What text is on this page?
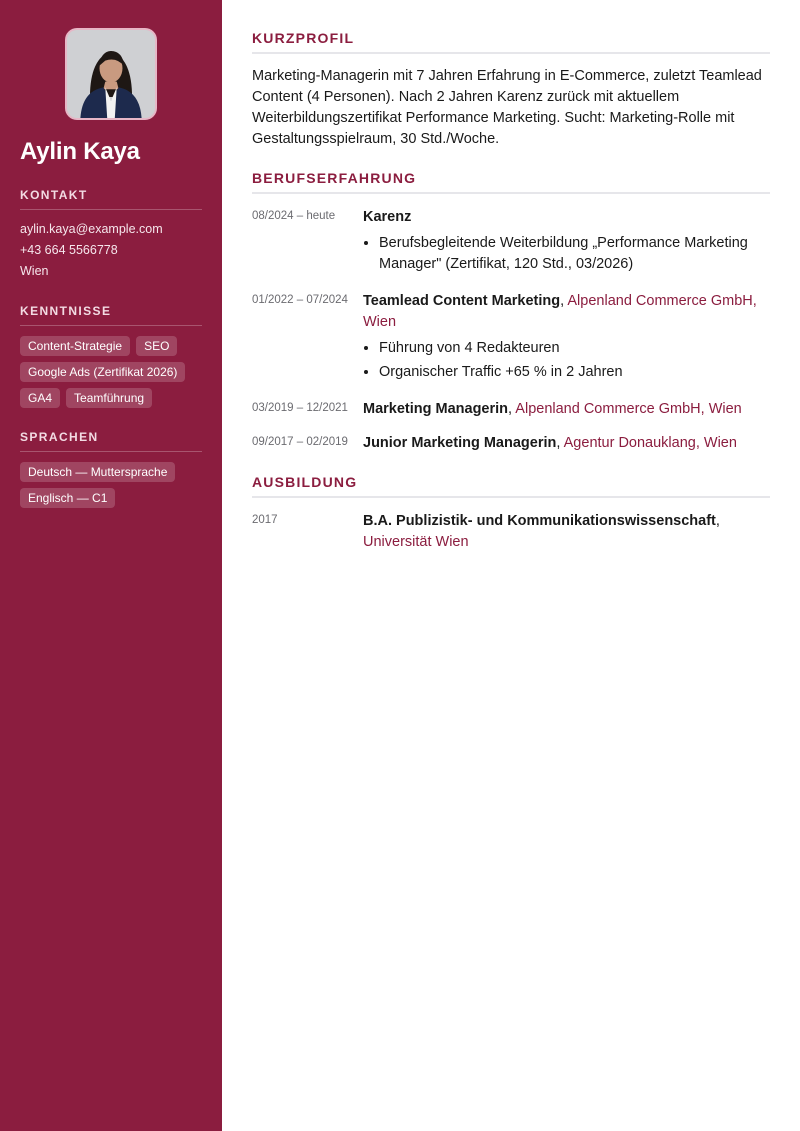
Aylin Kaya
KONTAKT
aylin.kaya@example.com
+43 664 5566778
Wien
KENNTNISSE
Content-Strategie	SEO
Google Ads (Zertifikat 2026)
GA4	Teamführung
SPRACHEN
Deutsch — Muttersprache
Englisch — C1
KURZPROFIL

Marketing-Managerin mit 7 Jahren Erfahrung in E-Commerce, zuletzt Teamlead Content (4 Personen). Nach 2 Jahren Karenz zurück mit aktuellem Weiterbildungszertifikat Performance Marketing. Sucht: Marketing-Rolle mit Gestaltungsspielraum, 30 Std./Woche.

BERUFSERFAHRUNG
08/2024 – heute	Karenz
• Berufsbegleitende Weiterbildung „Performance Marketing Manager" (Zertifikat, 120 Std., 03/2026)
01/2022 – 07/2024	Teamlead Content Marketing, Alpenland Commerce GmbH, Wien
• Führung von 4 Redakteuren
• Organischer Traffic +65 % in 2 Jahren
03/2019 – 12/2021	Marketing Managerin, Alpenland Commerce GmbH, Wien
09/2017 – 02/2019	Junior Marketing Managerin, Agentur Donauklang, Wien
AUSBILDUNG
2017	B.A. Publizistik- und Kommunikationswissenschaft, Universität Wien
